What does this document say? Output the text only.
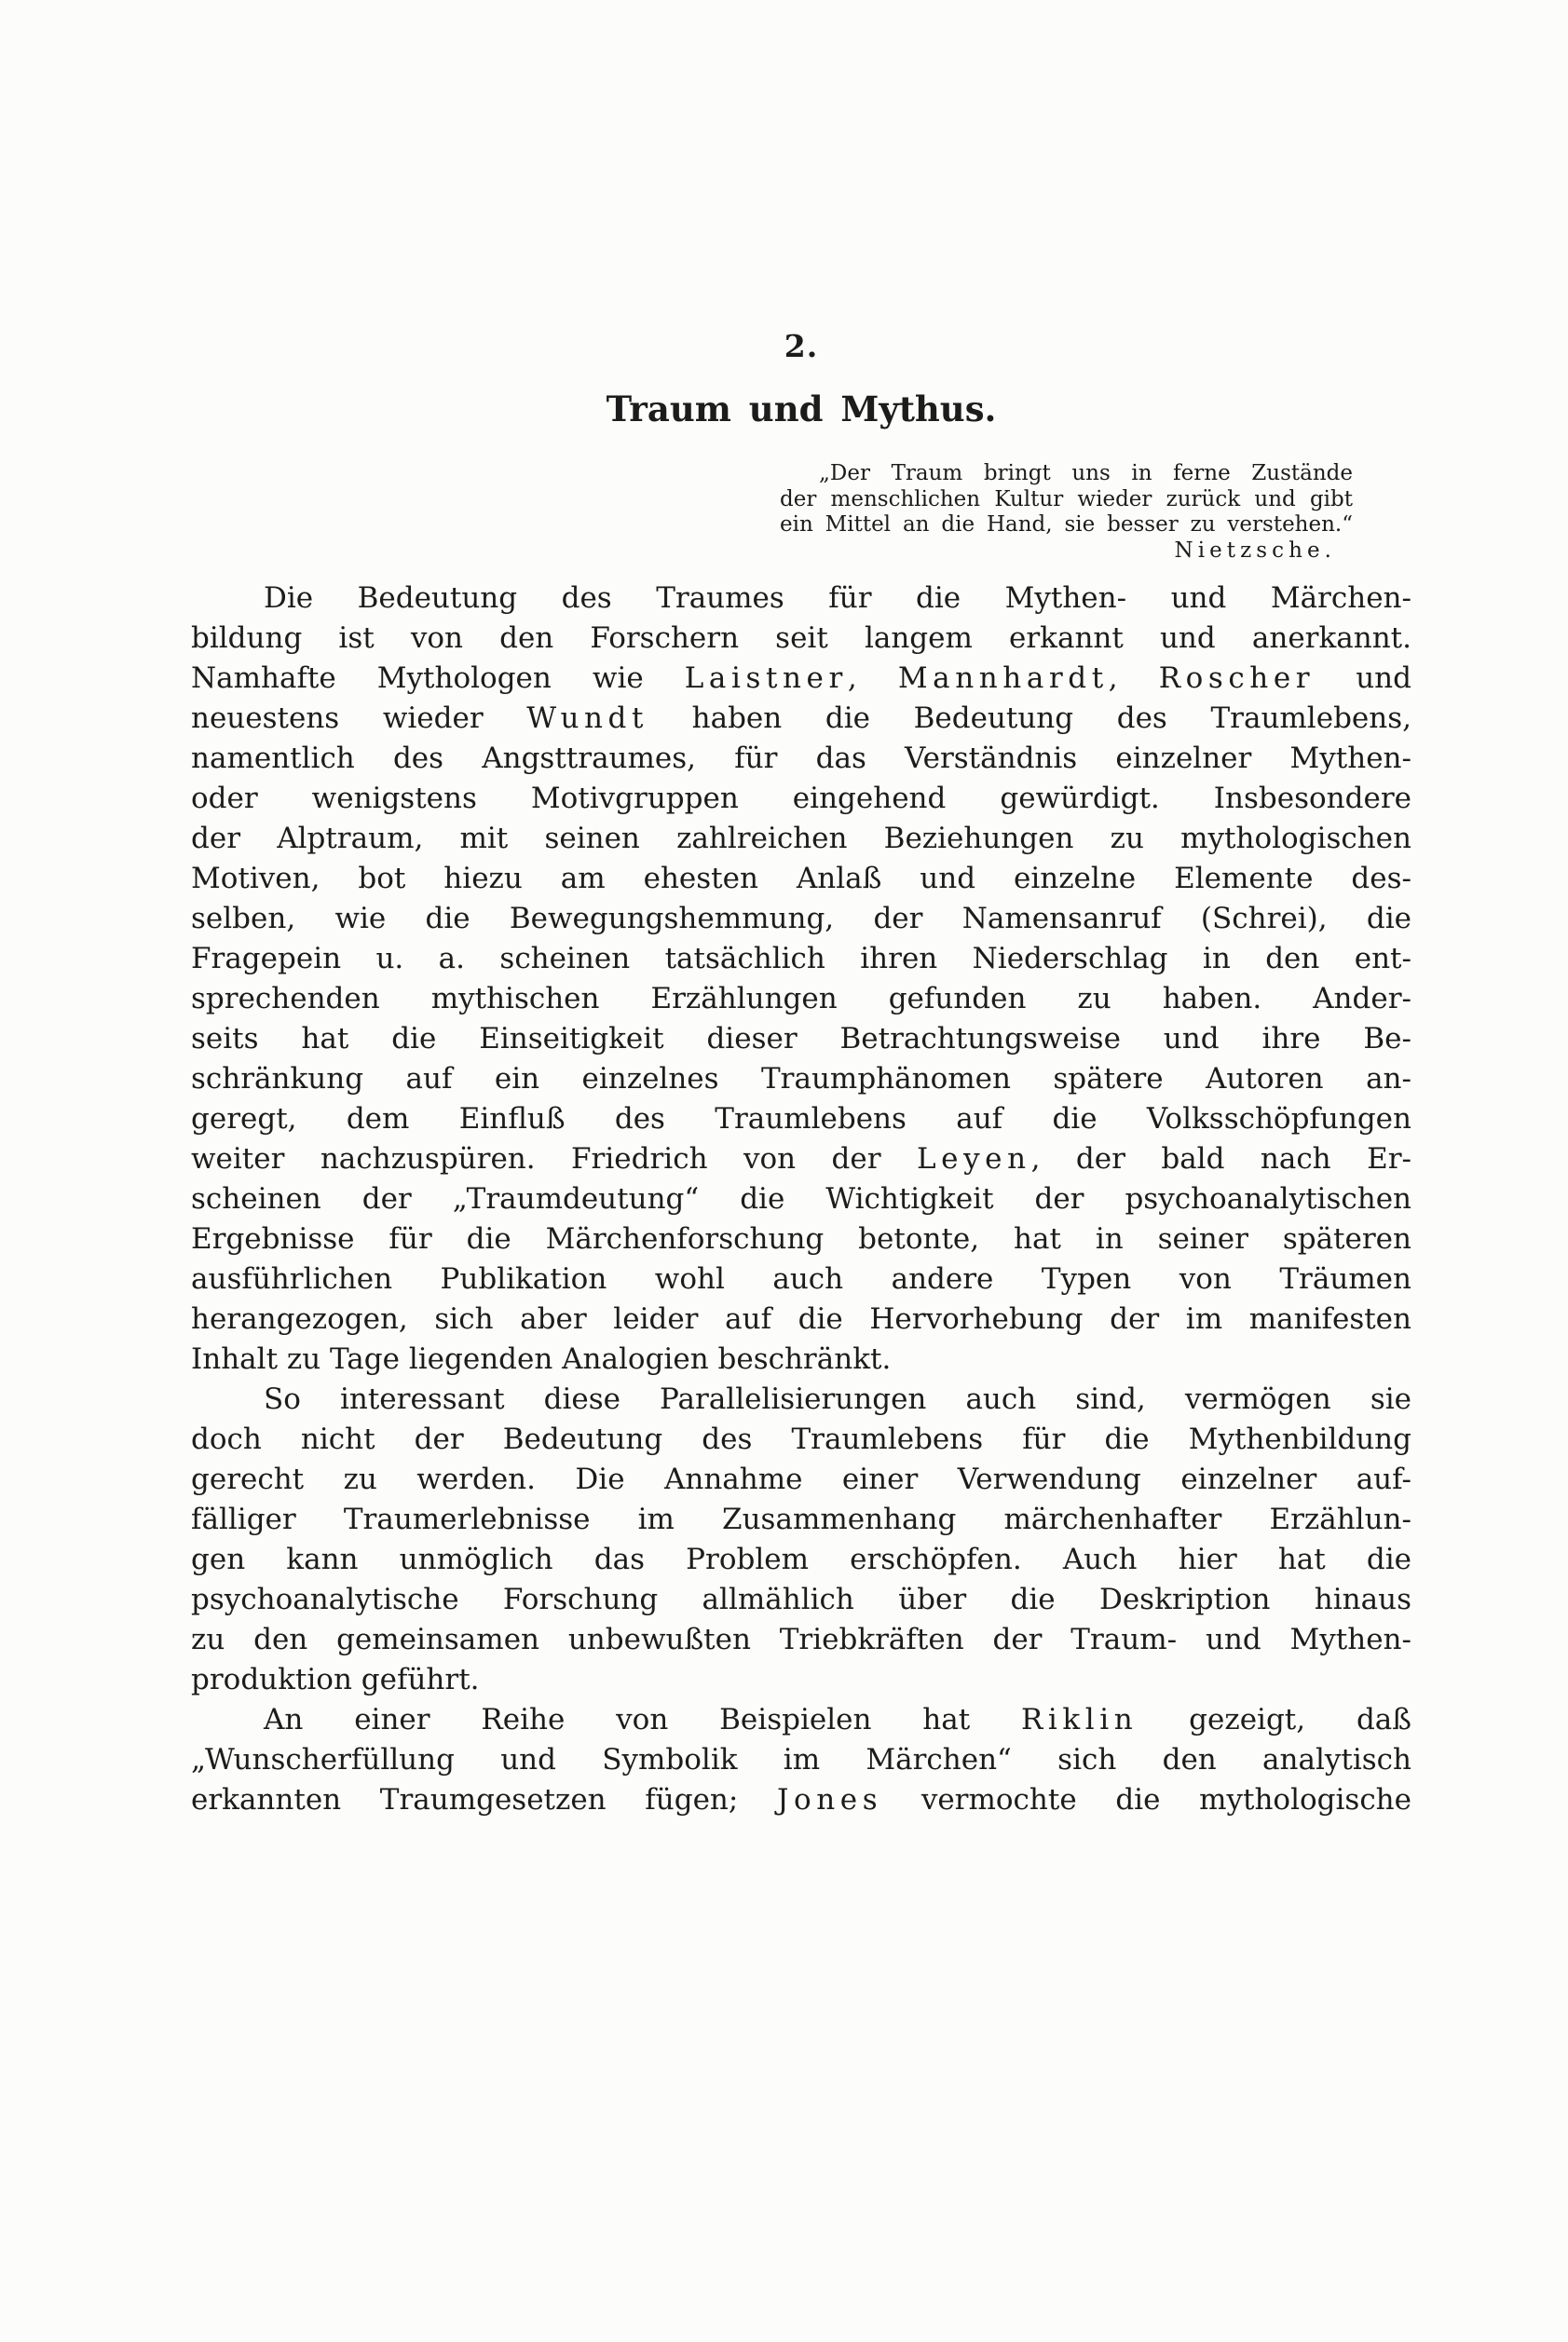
2.
Traum und Mythus.
„Der Traum bringt uns in ferne Zustände
der menschlichen Kultur wieder zurück und gibt
ein Mittel an die Hand, sie besser zu verstehen.“
Nietzsche.
Die Bedeutung des Traumes für die Mythen- und Märchen-
bildung ist von den Forschern seit langem erkannt und anerkannt.
Namhafte Mythologen wie Laistner, Mannhardt, Roscher und
neuestens wieder Wundt haben die Bedeutung des Traumlebens,
namentlich des Angsttraumes, für das Verständnis einzelner Mythen-
oder wenigstens Motivgruppen eingehend gewürdigt. Insbesondere
der Alptraum, mit seinen zahlreichen Beziehungen zu mythologischen
Motiven, bot hiezu am ehesten Anlaß und einzelne Elemente des-
selben, wie die Bewegungshemmung, der Namensanruf (Schrei), die
Fragepein u. a. scheinen tatsächlich ihren Niederschlag in den ent-
sprechenden mythischen Erzählungen gefunden zu haben. Ander-
seits hat die Einseitigkeit dieser Betrachtungsweise und ihre Be-
schränkung auf ein einzelnes Traumphänomen spätere Autoren an-
geregt, dem Einfluß des Traumlebens auf die Volksschöpfungen
weiter nachzuspüren. Friedrich von der Leyen, der bald nach Er-
scheinen der „Traumdeutung“ die Wichtigkeit der psychoanalytischen
Ergebnisse für die Märchenforschung betonte, hat in seiner späteren
ausführlichen Publikation wohl auch andere Typen von Träumen
herangezogen, sich aber leider auf die Hervorhebung der im manifesten
Inhalt zu Tage liegenden Analogien beschränkt.
So interessant diese Parallelisierungen auch sind, vermögen sie
doch nicht der Bedeutung des Traumlebens für die Mythenbildung
gerecht zu werden. Die Annahme einer Verwendung einzelner auf-
fälliger Traumerlebnisse im Zusammenhang märchenhafter Erzählun-
gen kann unmöglich das Problem erschöpfen. Auch hier hat die
psychoanalytische Forschung allmählich über die Deskription hinaus
zu den gemeinsamen unbewußten Triebkräften der Traum- und Mythen-
produktion geführt.
An einer Reihe von Beispielen hat Riklin gezeigt, daß
„Wunscherfüllung und Symbolik im Märchen“ sich den analytisch
erkannten Traumgesetzen fügen; Jones vermochte die mythologische
